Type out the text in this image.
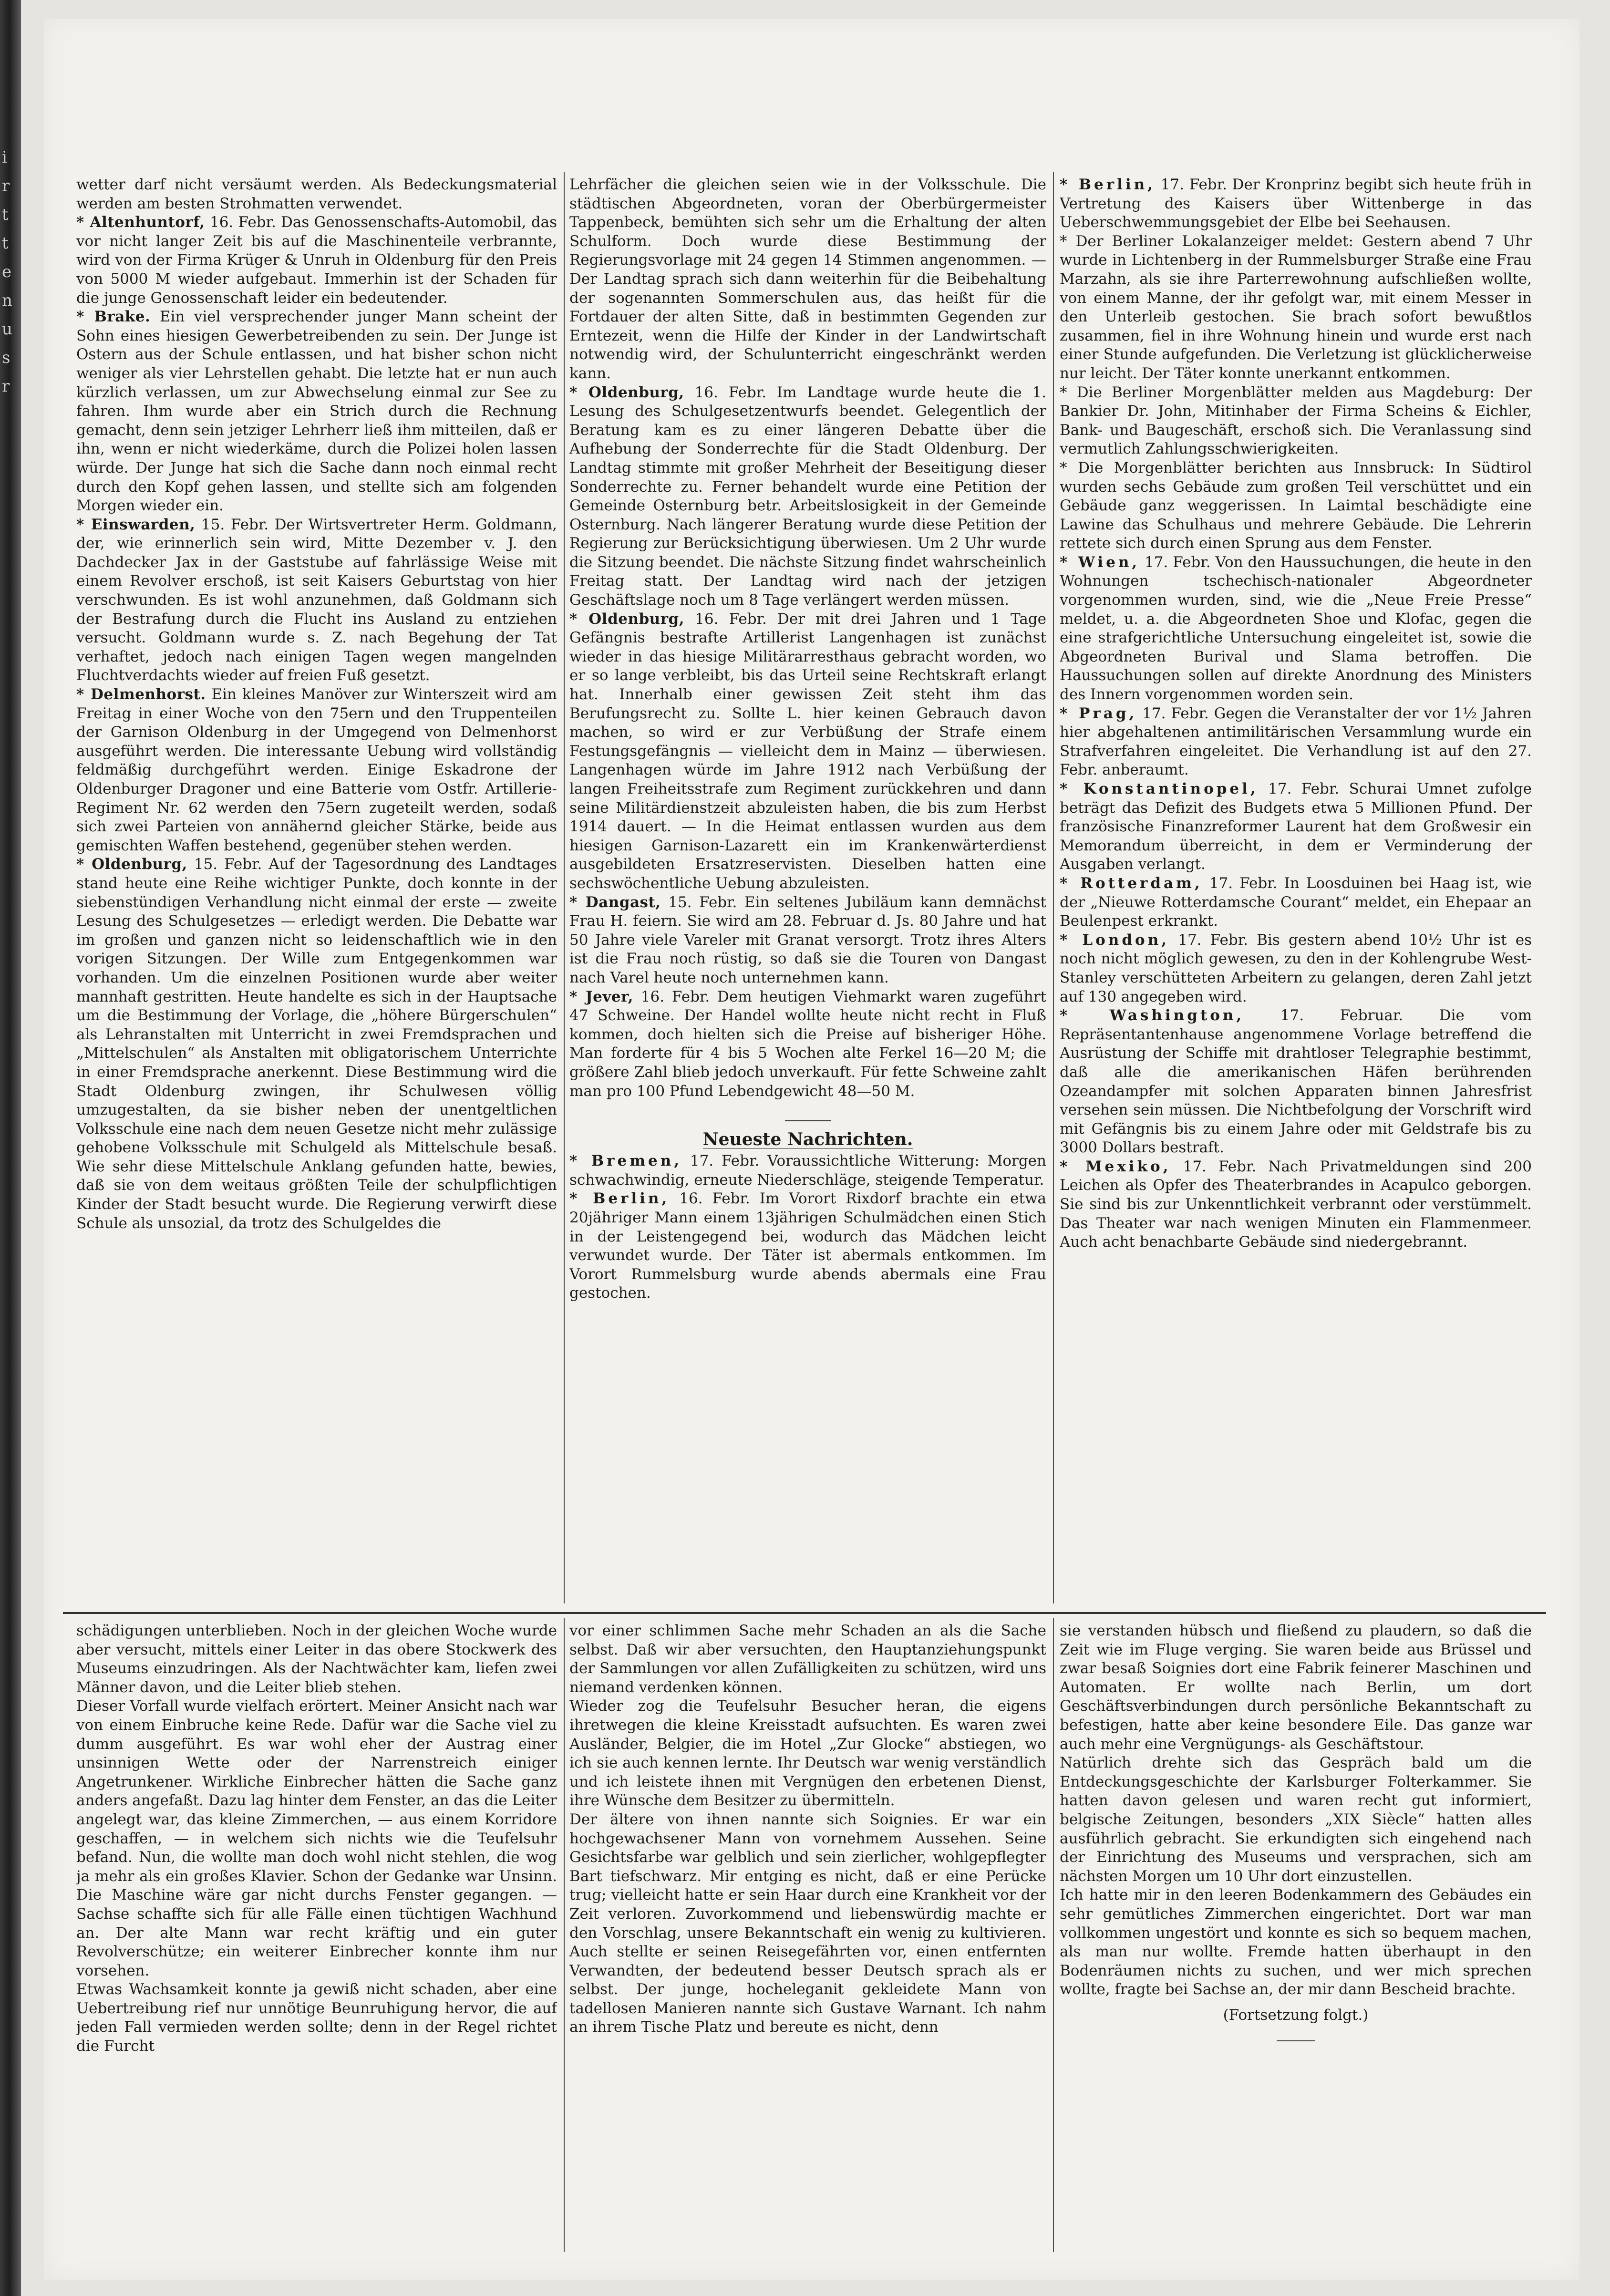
i r t t e n u s r

wetter darf nicht versäumt werden. Als Bedeckungsmaterial werden am besten Strohmatten verwendet.

* Altenhuntorf, 16. Febr. Das Genossenschafts-Automobil, das vor nicht langer Zeit bis auf die Maschinenteile verbrannte, wird von der Firma Krüger & Unruh in Oldenburg für den Preis von 5000 M wieder aufgebaut. Immerhin ist der Schaden für die junge Genossenschaft leider ein bedeutender.

* Brake. Ein viel versprechender junger Mann scheint der Sohn eines hiesigen Gewerbetreibenden zu sein. Der Junge ist Ostern aus der Schule entlassen, und hat bisher schon nicht weniger als vier Lehrstellen gehabt. Die letzte hat er nun auch kürzlich verlassen, um zur Abwechselung einmal zur See zu fahren. Ihm wurde aber ein Strich durch die Rechnung gemacht, denn sein jetziger Lehrherr ließ ihm mitteilen, daß er ihn, wenn er nicht wiederkäme, durch die Polizei holen lassen würde. Der Junge hat sich die Sache dann noch einmal recht durch den Kopf gehen lassen, und stellte sich am folgenden Morgen wieder ein.

* Einswarden, 15. Febr. Der Wirtsvertreter Herm. Goldmann, der, wie erinnerlich sein wird, Mitte Dezember v. J. den Dachdecker Jax in der Gaststube auf fahrlässige Weise mit einem Revolver erschoß, ist seit Kaisers Geburtstag von hier verschwunden. Es ist wohl anzunehmen, daß Goldmann sich der Bestrafung durch die Flucht ins Ausland zu entziehen versucht. Goldmann wurde s. Z. nach Begehung der Tat verhaftet, jedoch nach einigen Tagen wegen mangelnden Fluchtverdachts wieder auf freien Fuß gesetzt.

* Delmenhorst. Ein kleines Manöver zur Winterszeit wird am Freitag in einer Woche von den 75ern und den Truppenteilen der Garnison Oldenburg in der Umgegend von Delmenhorst ausgeführt werden. Die interessante Uebung wird vollständig feldmäßig durchgeführt werden. Einige Eskadrone der Oldenburger Dragoner und eine Batterie vom Ostfr. Artillerie-Regiment Nr. 62 werden den 75ern zugeteilt werden, sodaß sich zwei Parteien von annähernd gleicher Stärke, beide aus gemischten Waffen bestehend, gegenüber stehen werden.

* Oldenburg, 15. Febr. Auf der Tagesordnung des Landtages stand heute eine Reihe wichtiger Punkte, doch konnte in der siebenstündigen Verhandlung nicht einmal der erste — zweite Lesung des Schulgesetzes — erledigt werden. Die Debatte war im großen und ganzen nicht so leidenschaftlich wie in den vorigen Sitzungen. Der Wille zum Entgegenkommen war vorhanden. Um die einzelnen Positionen wurde aber weiter mannhaft gestritten. Heute handelte es sich in der Hauptsache um die Bestimmung der Vorlage, die „höhere Bürgerschulen“ als Lehranstalten mit Unterricht in zwei Fremdsprachen und „Mittelschulen“ als Anstalten mit obligatorischem Unterrichte in einer Fremdsprache anerkennt. Diese Bestimmung wird die Stadt Oldenburg zwingen, ihr Schulwesen völlig umzugestalten, da sie bisher neben der unentgeltlichen Volksschule eine nach dem neuen Gesetze nicht mehr zulässige gehobene Volksschule mit Schulgeld als Mittelschule besaß. Wie sehr diese Mittelschule Anklang gefunden hatte, bewies, daß sie von dem weitaus größten Teile der schulpflichtigen Kinder der Stadt besucht wurde. Die Regierung verwirft diese Schule als unsozial, da trotz des Schulgeldes die

Lehrfächer die gleichen seien wie in der Volksschule. Die städtischen Abgeordneten, voran der Oberbürgermeister Tappenbeck, bemühten sich sehr um die Erhaltung der alten Schulform. Doch wurde diese Bestimmung der Regierungsvorlage mit 24 gegen 14 Stimmen angenommen. — Der Landtag sprach sich dann weiterhin für die Beibehaltung der sogenannten Sommerschulen aus, das heißt für die Fortdauer der alten Sitte, daß in bestimmten Gegenden zur Erntezeit, wenn die Hilfe der Kinder in der Landwirtschaft notwendig wird, der Schulunterricht eingeschränkt werden kann.

* Oldenburg, 16. Febr. Im Landtage wurde heute die 1. Lesung des Schulgesetzentwurfs beendet. Gelegentlich der Beratung kam es zu einer längeren Debatte über die Aufhebung der Sonderrechte für die Stadt Oldenburg. Der Landtag stimmte mit großer Mehrheit der Beseitigung dieser Sonderrechte zu. Ferner behandelt wurde eine Petition der Gemeinde Osternburg betr. Arbeitslosigkeit in der Gemeinde Osternburg. Nach längerer Beratung wurde diese Petition der Regierung zur Berücksichtigung überwiesen. Um 2 Uhr wurde die Sitzung beendet. Die nächste Sitzung findet wahrscheinlich Freitag statt. Der Landtag wird nach der jetzigen Geschäftslage noch um 8 Tage verlängert werden müssen.

* Oldenburg, 16. Febr. Der mit drei Jahren und 1 Tage Gefängnis bestrafte Artillerist Langenhagen ist zunächst wieder in das hiesige Militärarresthaus gebracht worden, wo er so lange verbleibt, bis das Urteil seine Rechtskraft erlangt hat. Innerhalb einer gewissen Zeit steht ihm das Berufungsrecht zu. Sollte L. hier keinen Gebrauch davon machen, so wird er zur Verbüßung der Strafe einem Festungsgefängnis — vielleicht dem in Mainz — überwiesen. Langenhagen würde im Jahre 1912 nach Verbüßung der langen Freiheitsstrafe zum Regiment zurückkehren und dann seine Militärdienstzeit abzuleisten haben, die bis zum Herbst 1914 dauert. — In die Heimat entlassen wurden aus dem hiesigen Garnison-Lazarett ein im Krankenwärterdienst ausgebildeten Ersatzreservisten. Dieselben hatten eine sechswöchentliche Uebung abzuleisten.

* Dangast, 15. Febr. Ein seltenes Jubiläum kann demnächst Frau H. feiern. Sie wird am 28. Februar d. Js. 80 Jahre und hat 50 Jahre viele Vareler mit Granat versorgt. Trotz ihres Alters ist die Frau noch rüstig, so daß sie die Touren von Dangast nach Varel heute noch unternehmen kann.

* Jever, 16. Febr. Dem heutigen Viehmarkt waren zugeführt 47 Schweine. Der Handel wollte heute nicht recht in Fluß kommen, doch hielten sich die Preise auf bisheriger Höhe. Man forderte für 4 bis 5 Wochen alte Ferkel 16—20 M; die größere Zahl blieb jedoch unverkauft. Für fette Schweine zahlt man pro 100 Pfund Lebendgewicht 48—50 M.

Neueste Nachrichten.

* Bremen, 17. Febr. Voraussichtliche Witterung: Morgen schwachwindig, erneute Niederschläge, steigende Temperatur.

* Berlin, 16. Febr. Im Vorort Rixdorf brachte ein etwa 20jähriger Mann einem 13jährigen Schulmädchen einen Stich in der Leistengegend bei, wodurch das Mädchen leicht verwundet wurde. Der Täter ist abermals entkommen. Im Vorort Rummelsburg wurde abends abermals eine Frau gestochen.

* Berlin, 17. Febr. Der Kronprinz begibt sich heute früh in Vertretung des Kaisers über Wittenberge in das Ueberschwemmungsgebiet der Elbe bei Seehausen.

* Der Berliner Lokalanzeiger meldet: Gestern abend 7 Uhr wurde in Lichtenberg in der Rummelsburger Straße eine Frau Marzahn, als sie ihre Parterrewohnung aufschließen wollte, von einem Manne, der ihr gefolgt war, mit einem Messer in den Unterleib gestochen. Sie brach sofort bewußtlos zusammen, fiel in ihre Wohnung hinein und wurde erst nach einer Stunde aufgefunden. Die Verletzung ist glücklicherweise nur leicht. Der Täter konnte unerkannt entkommen.

* Die Berliner Morgenblätter melden aus Magdeburg: Der Bankier Dr. John, Mitinhaber der Firma Scheins & Eichler, Bank- und Baugeschäft, erschoß sich. Die Veranlassung sind vermutlich Zahlungsschwierigkeiten.

* Die Morgenblätter berichten aus Innsbruck: In Südtirol wurden sechs Gebäude zum großen Teil verschüttet und ein Gebäude ganz weggerissen. In Laimtal beschädigte eine Lawine das Schulhaus und mehrere Gebäude. Die Lehrerin rettete sich durch einen Sprung aus dem Fenster.

* Wien, 17. Febr. Von den Haussuchungen, die heute in den Wohnungen tschechisch-nationaler Abgeordneter vorgenommen wurden, sind, wie die „Neue Freie Presse“ meldet, u. a. die Abgeordneten Shoe und Klofac, gegen die eine strafgerichtliche Untersuchung eingeleitet ist, sowie die Abgeordneten Burival und Slama betroffen. Die Haussuchungen sollen auf direkte Anordnung des Ministers des Innern vorgenommen worden sein.

* Prag, 17. Febr. Gegen die Veranstalter der vor 1½ Jahren hier abgehaltenen antimilitärischen Versammlung wurde ein Strafverfahren eingeleitet. Die Verhandlung ist auf den 27. Febr. anberaumt.

* Konstantinopel, 17. Febr. Schurai Umnet zufolge beträgt das Defizit des Budgets etwa 5 Millionen Pfund. Der französische Finanzreformer Laurent hat dem Großwesir ein Memorandum überreicht, in dem er Verminderung der Ausgaben verlangt.

* Rotterdam, 17. Febr. In Loosduinen bei Haag ist, wie der „Nieuwe Rotterdamsche Courant“ meldet, ein Ehepaar an Beulenpest erkrankt.

* London, 17. Febr. Bis gestern abend 10½ Uhr ist es noch nicht möglich gewesen, zu den in der Kohlengrube West-Stanley verschütteten Arbeitern zu gelangen, deren Zahl jetzt auf 130 angegeben wird.

* Washington, 17. Februar. Die vom Repräsentantenhause angenommene Vorlage betreffend die Ausrüstung der Schiffe mit drahtloser Telegraphie bestimmt, daß alle die amerikanischen Häfen berührenden Ozeandampfer mit solchen Apparaten binnen Jahresfrist versehen sein müssen. Die Nichtbefolgung der Vorschrift wird mit Gefängnis bis zu einem Jahre oder mit Geldstrafe bis zu 3000 Dollars bestraft.

* Mexiko, 17. Febr. Nach Privatmeldungen sind 200 Leichen als Opfer des Theaterbrandes in Acapulco geborgen. Sie sind bis zur Unkenntlichkeit verbrannt oder verstümmelt. Das Theater war nach wenigen Minuten ein Flammenmeer. Auch acht benachbarte Gebäude sind niedergebrannt.

schädigungen unterblieben. Noch in der gleichen Woche wurde aber versucht, mittels einer Leiter in das obere Stockwerk des Museums einzudringen. Als der Nachtwächter kam, liefen zwei Männer davon, und die Leiter blieb stehen.

Dieser Vorfall wurde vielfach erörtert. Meiner Ansicht nach war von einem Einbruche keine Rede. Dafür war die Sache viel zu dumm ausgeführt. Es war wohl eher der Austrag einer unsinnigen Wette oder der Narrenstreich einiger Angetrunkener. Wirkliche Einbrecher hätten die Sache ganz anders angefaßt. Dazu lag hinter dem Fenster, an das die Leiter angelegt war, das kleine Zimmerchen, — aus einem Korridore geschaffen, — in welchem sich nichts wie die Teufelsuhr befand. Nun, die wollte man doch wohl nicht stehlen, die wog ja mehr als ein großes Klavier. Schon der Gedanke war Unsinn. Die Maschine wäre gar nicht durchs Fenster gegangen. — Sachse schaffte sich für alle Fälle einen tüchtigen Wachhund an. Der alte Mann war recht kräftig und ein guter Revolverschütze; ein weiterer Einbrecher konnte ihm nur vorsehen.

Etwas Wachsamkeit konnte ja gewiß nicht schaden, aber eine Uebertreibung rief nur unnötige Beunruhigung hervor, die auf jeden Fall vermieden werden sollte; denn in der Regel richtet die Furcht

vor einer schlimmen Sache mehr Schaden an als die Sache selbst. Daß wir aber versuchten, den Hauptanziehungspunkt der Sammlungen vor allen Zufälligkeiten zu schützen, wird uns niemand verdenken können.

Wieder zog die Teufelsuhr Besucher heran, die eigens ihretwegen die kleine Kreisstadt aufsuchten. Es waren zwei Ausländer, Belgier, die im Hotel „Zur Glocke“ abstiegen, wo ich sie auch kennen lernte. Ihr Deutsch war wenig verständlich und ich leistete ihnen mit Vergnügen den erbetenen Dienst, ihre Wünsche dem Besitzer zu übermitteln.

Der ältere von ihnen nannte sich Soignies. Er war ein hochgewachsener Mann von vornehmem Aussehen. Seine Gesichtsfarbe war gelblich und sein zierlicher, wohlgepflegter Bart tiefschwarz. Mir entging es nicht, daß er eine Perücke trug; vielleicht hatte er sein Haar durch eine Krankheit vor der Zeit verloren. Zuvorkommend und liebenswürdig machte er den Vorschlag, unsere Bekanntschaft ein wenig zu kultivieren. Auch stellte er seinen Reisegefährten vor, einen entfernten Verwandten, der bedeutend besser Deutsch sprach als er selbst. Der junge, hocheleganit gekleidete Mann von tadellosen Manieren nannte sich Gustave Warnant. Ich nahm an ihrem Tische Platz und bereute es nicht, denn

sie verstanden hübsch und fließend zu plaudern, so daß die Zeit wie im Fluge verging. Sie waren beide aus Brüssel und zwar besaß Soignies dort eine Fabrik feinerer Maschinen und Automaten. Er wollte nach Berlin, um dort Geschäftsverbindungen durch persönliche Bekanntschaft zu befestigen, hatte aber keine besondere Eile. Das ganze war auch mehr eine Vergnügungs- als Geschäftstour.

Natürlich drehte sich das Gespräch bald um die Entdeckungsgeschichte der Karlsburger Folterkammer. Sie hatten davon gelesen und waren recht gut informiert, belgische Zeitungen, besonders „XIX Siècle“ hatten alles ausführlich gebracht. Sie erkundigten sich eingehend nach der Einrichtung des Museums und versprachen, sich am nächsten Morgen um 10 Uhr dort einzustellen.

Ich hatte mir in den leeren Bodenkammern des Gebäudes ein sehr gemütliches Zimmerchen eingerichtet. Dort war man vollkommen ungestört und konnte es sich so bequem machen, als man nur wollte. Fremde hatten überhaupt in den Bodenräumen nichts zu suchen, und wer mich sprechen wollte, fragte bei Sachse an, der mir dann Bescheid brachte.

(Fortsetzung folgt.)
